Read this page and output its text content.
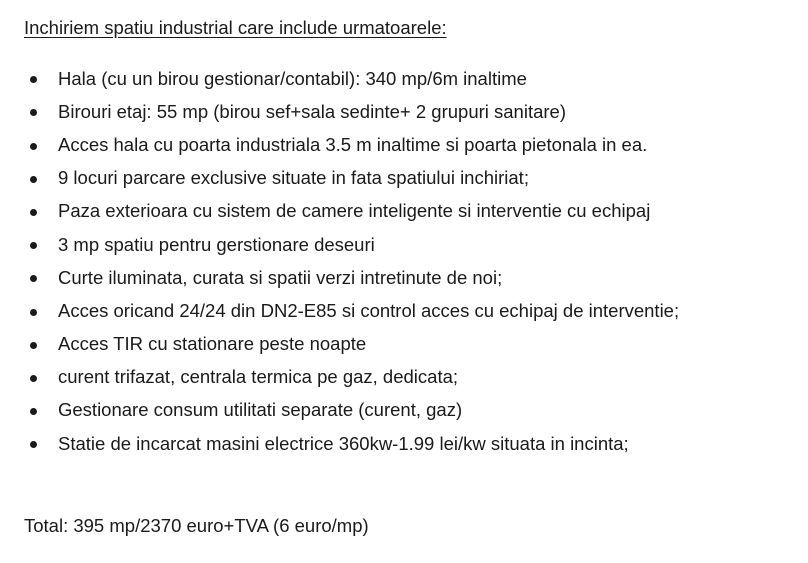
Inchiriem spatiu industrial care include urmatoarele:
Hala (cu un birou gestionar/contabil): 340 mp/6m inaltime
Birouri etaj: 55 mp (birou sef+sala sedinte+ 2 grupuri sanitare)
Acces hala cu poarta industriala 3.5 m inaltime si poarta pietonala in ea.
9 locuri parcare exclusive situate in fata spatiului inchiriat;
Paza exterioara cu sistem de camere inteligente si interventie cu echipaj
3 mp spatiu pentru gerstionare deseuri
Curte iluminata, curata si spatii verzi intretinute de noi;
Acces oricand 24/24 din DN2-E85 si control acces cu echipaj de interventie;
Acces TIR cu stationare peste noapte
curent trifazat, centrala termica pe gaz, dedicata;
Gestionare consum utilitati separate (curent, gaz)
Statie de incarcat masini electrice 360kw-1.99 lei/kw situata in incinta;
Total: 395 mp/2370 euro+TVA (6 euro/mp)
